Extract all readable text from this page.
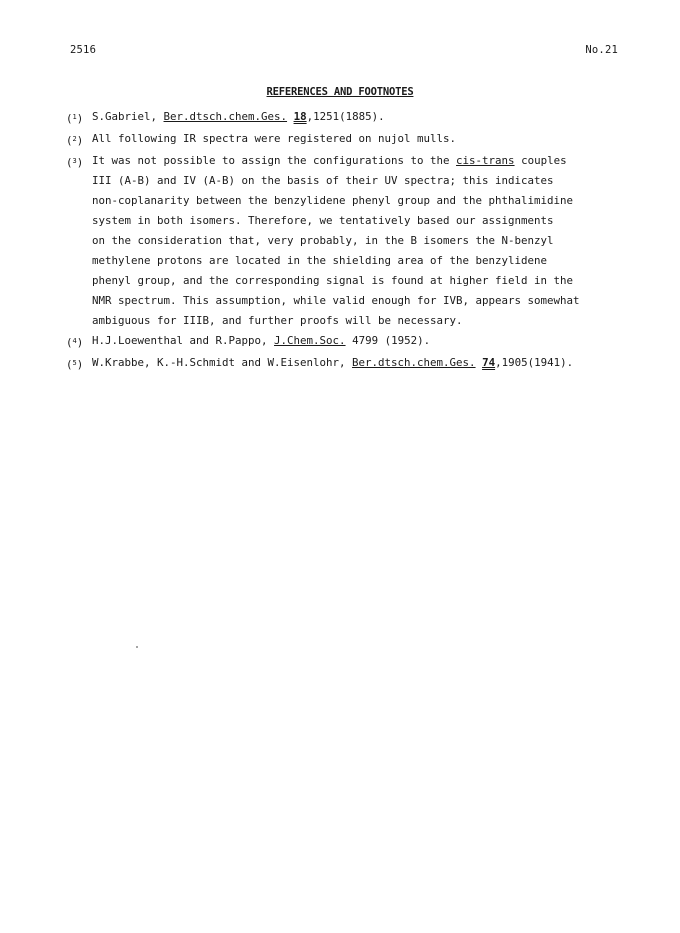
2516	No.21
REFERENCES AND FOOTNOTES
($^1$) S.Gabriel, Ber.dtsch.chem.Ges. 18,1251(1885).
($^2$) All following IR spectra were registered on nujol mulls.
($^3$) It was not possible to assign the configurations to the cis-trans couples
III (A-B) and IV (A-B) on the basis of their UV spectra; this indicates
non-coplanarity between the benzylidene phenyl group and the phthalimidine
system in both isomers. Therefore, we tentatively based our assignments
on the consideration that, very probably, in the B isomers the N-benzyl
methylene protons are located in the shielding area of the benzylidene
phenyl group, and the corresponding signal is found at higher field in the
NMR spectrum. This assumption, while valid enough for IVB, appears somewhat
ambiguous for IIIB, and further proofs will be necessary.
($^4$) H.J.Loewenthal and R.Pappo, J.Chem.Soc. 4799 (1952).
($^5$) W.Krabbe, K.-H.Schmidt and W.Eisenlohr, Ber.dtsch.chem.Ges. 74,1905(1941).
